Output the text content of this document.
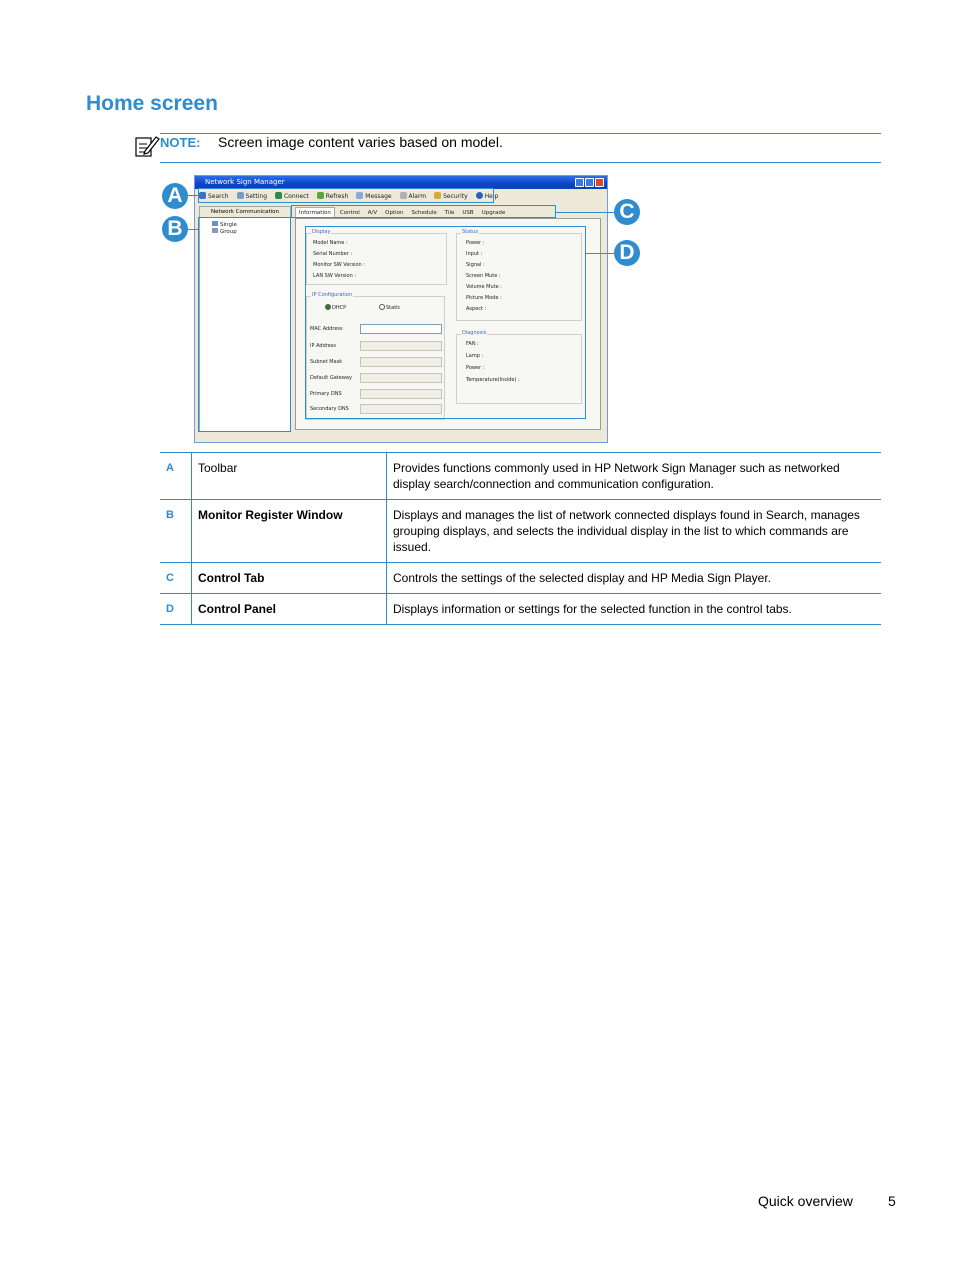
Home screen
NOTE: Screen image content varies based on model.
Network Sign Manager
Search	Setting	Connect	Refresh	Message	Alarm	Security	Help
Network Communication
Single
Group
Information Control A/V Option Schedule Tile USB Upgrade
Display
Model Name :
Serial Number :
Monitor SW Version :
LAN SW Version :
IP Configuration
DHCP	Static
MAC Address
IP Address
Subnet Mask
Default Gateway
Primary DNS
Secondary DNS
Status
Power :
Input :
Signal :
Screen Mute :
Volume Mute :
Picture Mode :
Aspect :
Diagnosis
FAN :
Lamp :
Power :
Temperature(Inside) :
A
B
C
D
A	Toolbar	Provides functions commonly used in HP Network Sign Manager such as networked display search/connection and communication configuration.
B	Monitor Register Window	Displays and manages the list of network connected displays found in Search, manages grouping displays, and selects the individual display in the list to which commands are issued.
C	Control Tab	Controls the settings of the selected display and HP Media Sign Player.
D	Control Panel	Displays information or settings for the selected function in the control tabs.
Quick overview	5
